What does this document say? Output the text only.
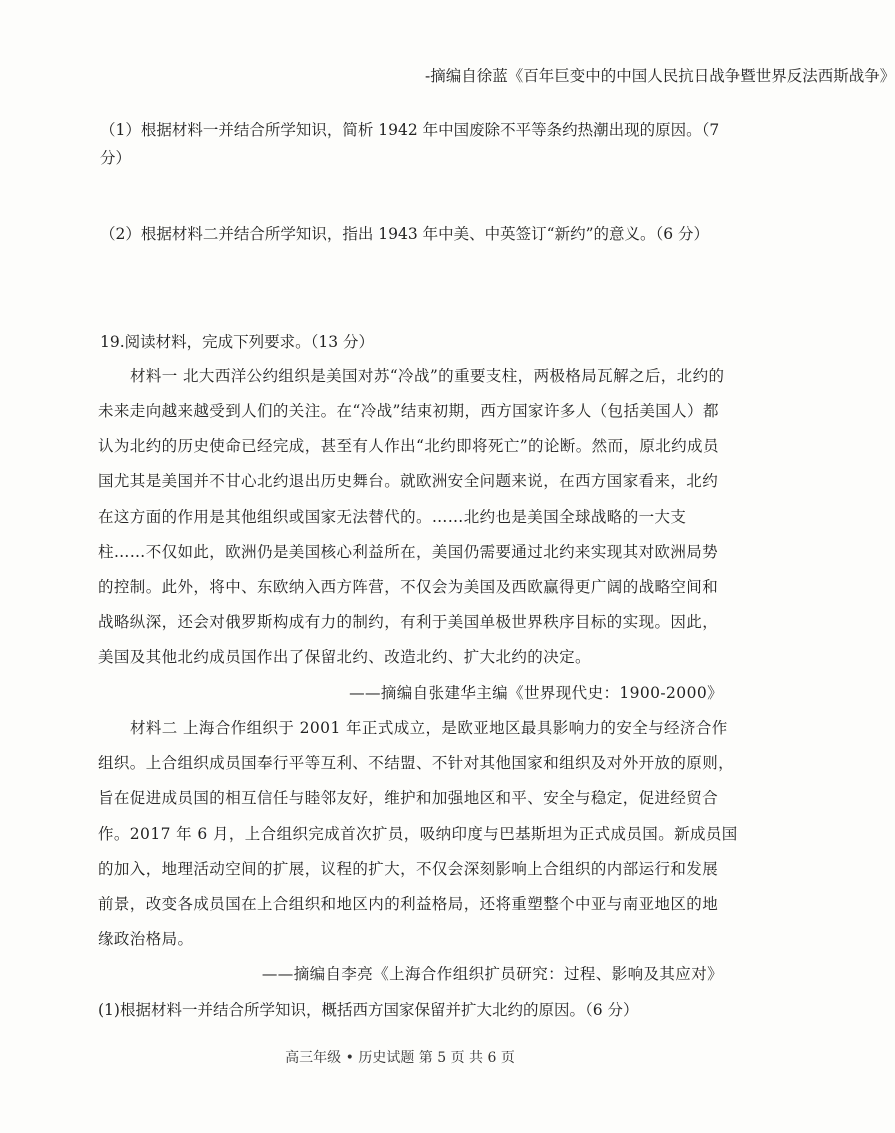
-摘编自徐蓝《百年巨变中的中国人民抗日战争暨世界反法西斯战争》
（1）根据材料一并结合所学知识，简析 1942 年中国废除不平等条约热潮出现的原因。（7
分）
（2）根据材料二并结合所学知识，指出 1943 年中美、中英签订“新约”的意义。（6 分）
19.阅读材料，完成下列要求。（13 分）
材料一 北大西洋公约组织是美国对苏“冷战”的重要支柱，两极格局瓦解之后，北约的
未来走向越来越受到人们的关注。在“冷战”结束初期，西方国家许多人（包括美国人）都
认为北约的历史使命已经完成，甚至有人作出“北约即将死亡”的论断。然而，原北约成员
国尤其是美国并不甘心北约退出历史舞台。就欧洲安全问题来说，在西方国家看来，北约
在这方面的作用是其他组织或国家无法替代的。……北约也是美国全球战略的一大支
柱……不仅如此，欧洲仍是美国核心利益所在，美国仍需要通过北约来实现其对欧洲局势
的控制。此外，将中、东欧纳入西方阵营，不仅会为美国及西欧赢得更广阔的战略空间和
战略纵深，还会对俄罗斯构成有力的制约，有利于美国单极世界秩序目标的实现。因此，
美国及其他北约成员国作出了保留北约、改造北约、扩大北约的决定。
——摘编自张建华主编《世界现代史：1900-2000》
材料二 上海合作组织于 2001 年正式成立，是欧亚地区最具影响力的安全与经济合作
组织。上合组织成员国奉行平等互利、不结盟、不针对其他国家和组织及对外开放的原则，
旨在促进成员国的相互信任与睦邻友好，维护和加强地区和平、安全与稳定，促进经贸合
作。2017 年 6 月，上合组织完成首次扩员，吸纳印度与巴基斯坦为正式成员国。新成员国
的加入，地理活动空间的扩展，议程的扩大，不仅会深刻影响上合组织的内部运行和发展
前景，改变各成员国在上合组织和地区内的利益格局，还将重塑整个中亚与南亚地区的地
缘政治格局。
——摘编自李亮《上海合作组织扩员研究：过程、影响及其应对》
(1)根据材料一并结合所学知识，概括西方国家保留并扩大北约的原因。（6 分）
高三年级 • 历史试题 第 5 页 共 6 页
